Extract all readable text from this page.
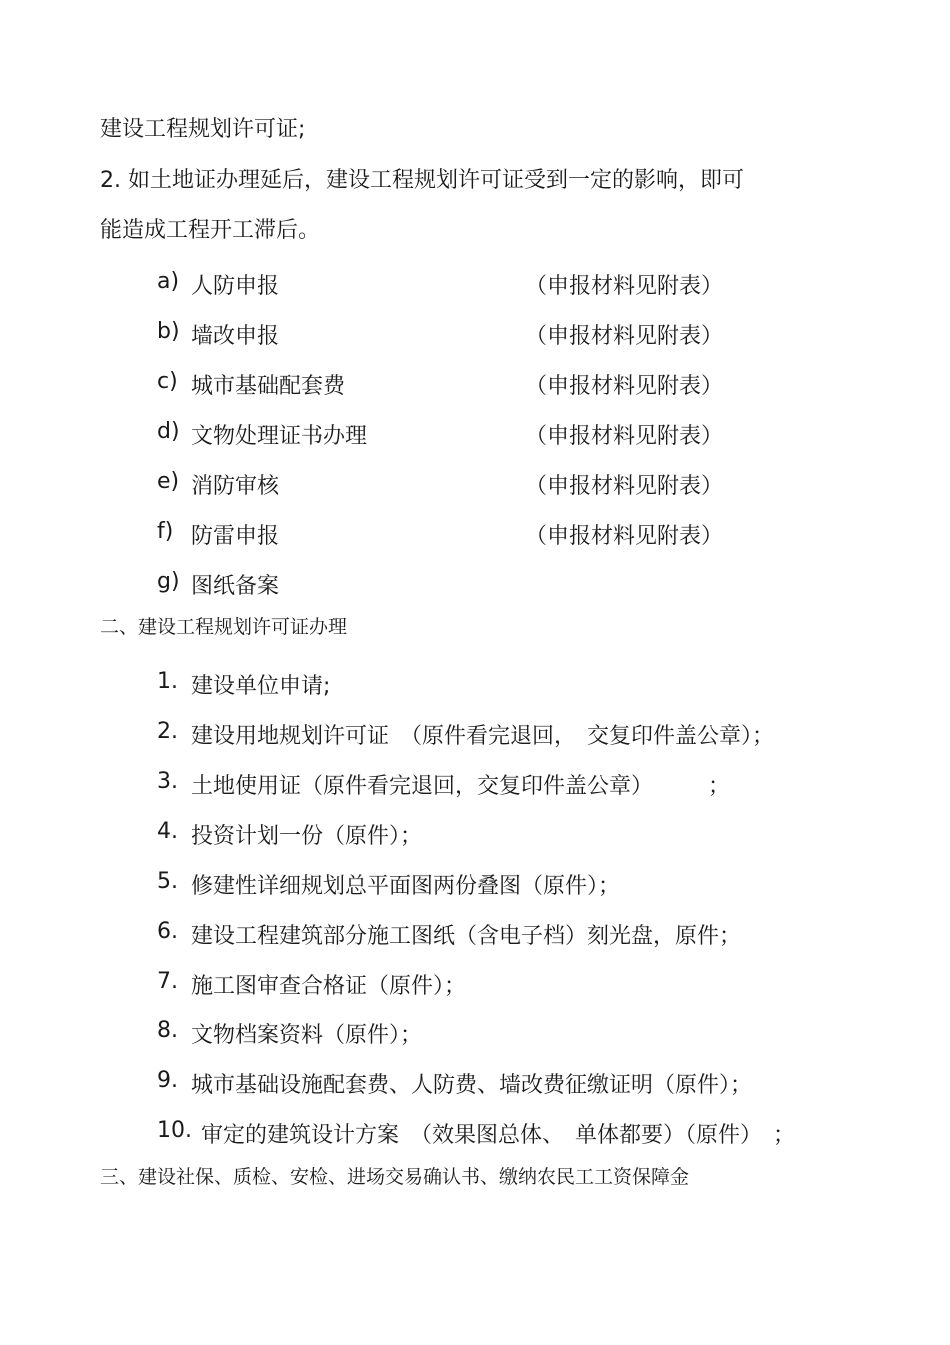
建设工程规划许可证;
2. 如土地证办理延后，建设工程规划许可证受到一定的影响，即可
能造成工程开工滞后。
a) 人防申报	（申报材料见附表）
b) 墙改申报	（申报材料见附表）
c) 城市基础配套费	（申报材料见附表）
d) 文物处理证书办理	（申报材料见附表）
e) 消防审核	（申报材料见附表）
f) 防雷申报	（申报材料见附表）
g) 图纸备案
二、建设工程规划许可证办理
1. 建设单位申请;
2. 建设用地规划许可证　（原件看完退回，　交复印件盖公章）；
3. 土地使用证（原件看完退回，交复印件盖公章）　　　；
4. 投资计划一份（原件）；
5. 修建性详细规划总平面图两份叠图（原件）；
6. 建设工程建筑部分施工图纸（含电子档）刻光盘，原件；
7. 施工图审查合格证（原件）；
8. 文物档案资料（原件）；
9. 城市基础设施配套费、人防费、墙改费征缴证明（原件）；
10. 审定的建筑设计方案　（效果图总体、　单体都要）（原件）　；
三、建设社保、质检、安检、进场交易确认书、缴纳农民工工资保障金
